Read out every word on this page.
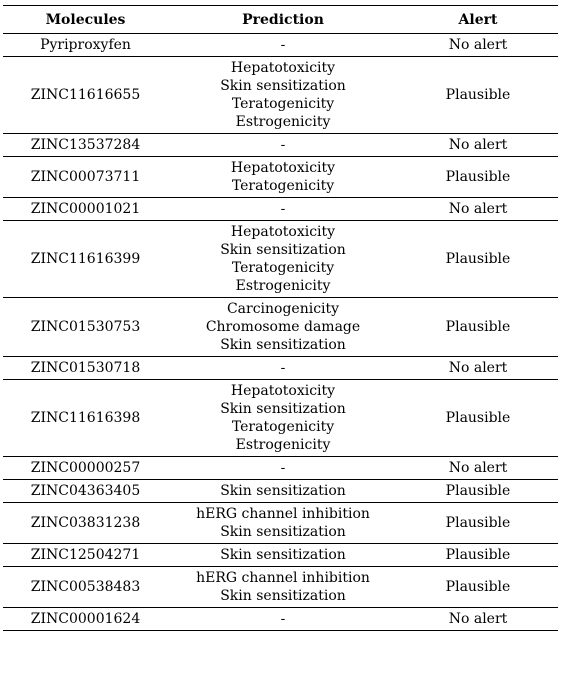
Molecules	Prediction	Alert
Pyriproxyfen	-	No alert
ZINC11616655	Hepatotoxicity
Skin sensitization
Teratogenicity
Estrogenicity	Plausible
ZINC13537284	-	No alert
ZINC00073711	Hepatotoxicity
Teratogenicity	Plausible
ZINC00001021	-	No alert
ZINC11616399	Hepatotoxicity
Skin sensitization
Teratogenicity
Estrogenicity	Plausible
ZINC01530753	Carcinogenicity
Chromosome damage
Skin sensitization	Plausible
ZINC01530718	-	No alert
ZINC11616398	Hepatotoxicity
Skin sensitization
Teratogenicity
Estrogenicity	Plausible
ZINC00000257	-	No alert
ZINC04363405	Skin sensitization	Plausible
ZINC03831238	hERG channel inhibition
Skin sensitization	Plausible
ZINC12504271	Skin sensitization	Plausible
ZINC00538483	hERG channel inhibition
Skin sensitization	Plausible
ZINC00001624	-	No alert
